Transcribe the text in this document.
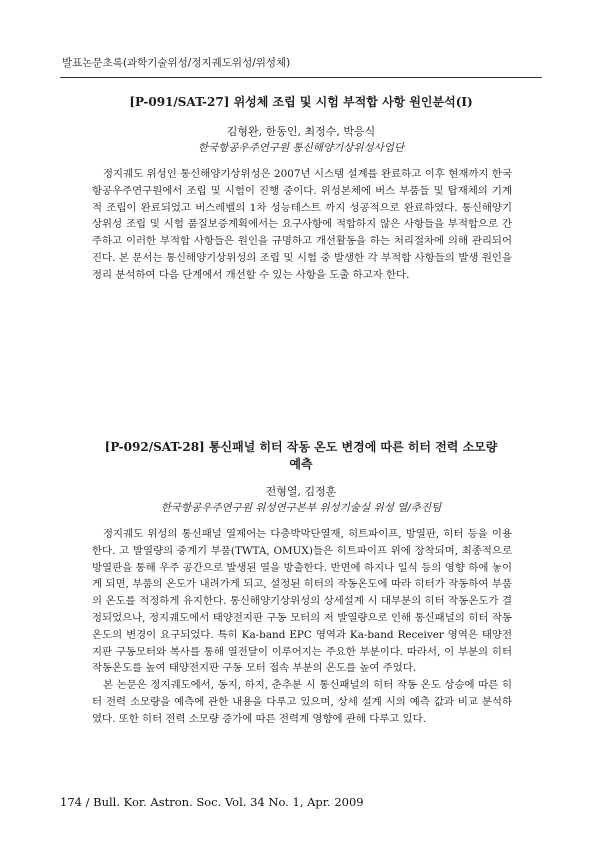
발표논문초록(과학기술위성/정지궤도위성/위성체)
[P-091/SAT-27] 위성체 조립 및 시험 부적합 사항 원인분석(I)
김형완, 한동인, 최정수, 박응식
한국항공우주연구원 통신해양기상위성사업단

정지궤도 위성인 통신해양기상위성은 2007년 시스템 설계를 완료하고 이후 현재까지 한국항공우주연구원에서 조립 및 시험이 진행 중이다. 위성본체에 버스 부품들 및 탑재체의 기계적 조립이 완료되었고 버스레벨의 1차 성능테스트 까지 성공적으로 완료하였다. 통신해양기상위성 조립 및 시험 품질보증계획에서는 요구사항에 적합하지 않은 사항들을 부적합으로 간주하고 이러한 부적합 사항들은 원인을 규명하고 개선활동을 하는 처리절차에 의해 관리되어진다. 본 문서는 통신해양기상위성의 조립 및 시험 중 발생한 각 부적합 사항들의 발생 원인을 정리 분석하여 다음 단계에서 개선할 수 있는 사항을 도출 하고자 한다.

[P-092/SAT-28] 통신패널 히터 작동 온도 변경에 따른 히터 전력 소모량
예측
전형열, 김정훈
한국항공우주연구원 위성연구본부 위성기술실 위성 열/추진팀

정지궤도 위성의 통신패널 열제어는 다층박막단열재, 히트파이프, 방열판, 히터 등을 이용한다. 고 발열량의 중계기 부품(TWTA, OMUX)들은 히트파이프 위에 장착되며, 최종적으로 방열판을 통해 우주 공간으로 발생된 열을 방출한다. 반면에 하지나 일식 등의 영향 하에 놓이게 되면, 부품의 온도가 내려가게 되고, 설정된 히터의 작동온도에 따라 히터가 작동하여 부품의 온도를 적정하게 유지한다. 통신해양기상위성의 상세설계 시 대부분의 히터 작동온도가 결정되었으나, 정지궤도에서 태양전지판 구동 모터의 저 발열량으로 인해 통신패널의 히터 작동온도의 변경이 요구되었다. 특히 Ka-band EPC 영역과 Ka-band Receiver 영역은 태양전지판 구동모터와 복사를 통해 열전달이 이루어지는 주요한 부분이다. 따라서, 이 부분의 히터 작동온도를 높여 태양전지판 구동 모터 접속 부분의 온도를 높여 주었다.

본 논문은 정지궤도에서, 동지, 하지, 춘추분 시 통신패널의 히터 작동 온도 상승에 따른 히터 전력 소모량을 예측에 관한 내용을 다루고 있으며, 상세 설계 시의 예측 값과 비교 분석하였다. 또한 히터 전력 소모량 증가에 따른 전력계 영향에 관해 다루고 있다.

174 / Bull. Kor. Astron. Soc. Vol. 34 No. 1, Apr. 2009
